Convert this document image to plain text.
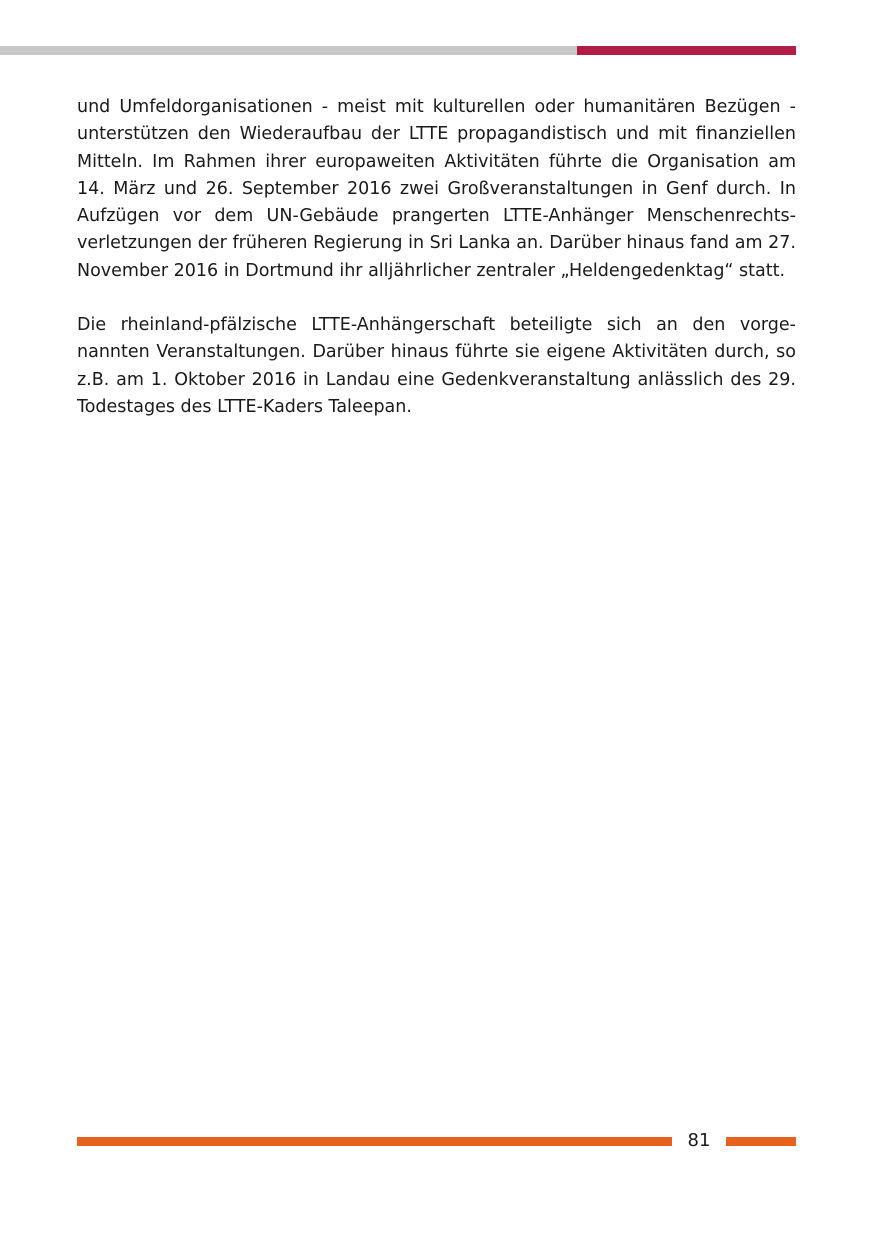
und Umfeldorganisationen - meist mit kulturellen oder humanitären Bezügen - unterstützen den Wiederaufbau der LTTE propagandistisch und mit finanziellen Mitteln. Im Rahmen ihrer europaweiten Aktivitäten führte die Organisation am 14. März und 26. September 2016 zwei Großveranstaltungen in Genf durch. In Aufzügen vor dem UN-Gebäude prangerten LTTE-Anhänger Menschenrechtsverletzungen der früheren Regierung in Sri Lanka an. Darüber hinaus fand am 27. November 2016 in Dortmund ihr alljährlicher zentraler „Heldengedenktag“ statt.

Die rheinland-pfälzische LTTE-Anhängerschaft beteiligte sich an den vorgenannten Veranstaltungen. Darüber hinaus führte sie eigene Aktivitäten durch, so z.B. am 1. Oktober 2016 in Landau eine Gedenkveranstaltung anlässlich des 29. Todestages des LTTE-Kaders Taleepan.

81
